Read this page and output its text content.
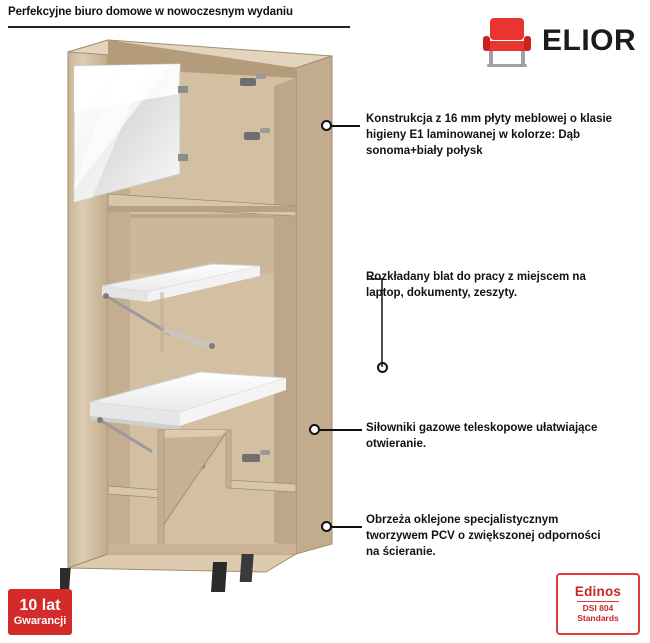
Perfekcyjne biuro domowe w nowoczesnym wydaniu
ELIOR
Konstrukcja z 16 mm płyty meblowej o klasie higieny E1 laminowanej w kolorze: Dąb sonoma+biały połysk
Rozkładany blat do pracy z miejscem na laptop, dokumenty, zeszyty.
Siłowniki gazowe teleskopowe ułatwiające otwieranie.
Obrzeża oklejone specjalistycznym tworzywem PCV o zwiększonej odporności na ścieranie.
10 lat
Gwarancji
Edinos
DSI 804
Standards
